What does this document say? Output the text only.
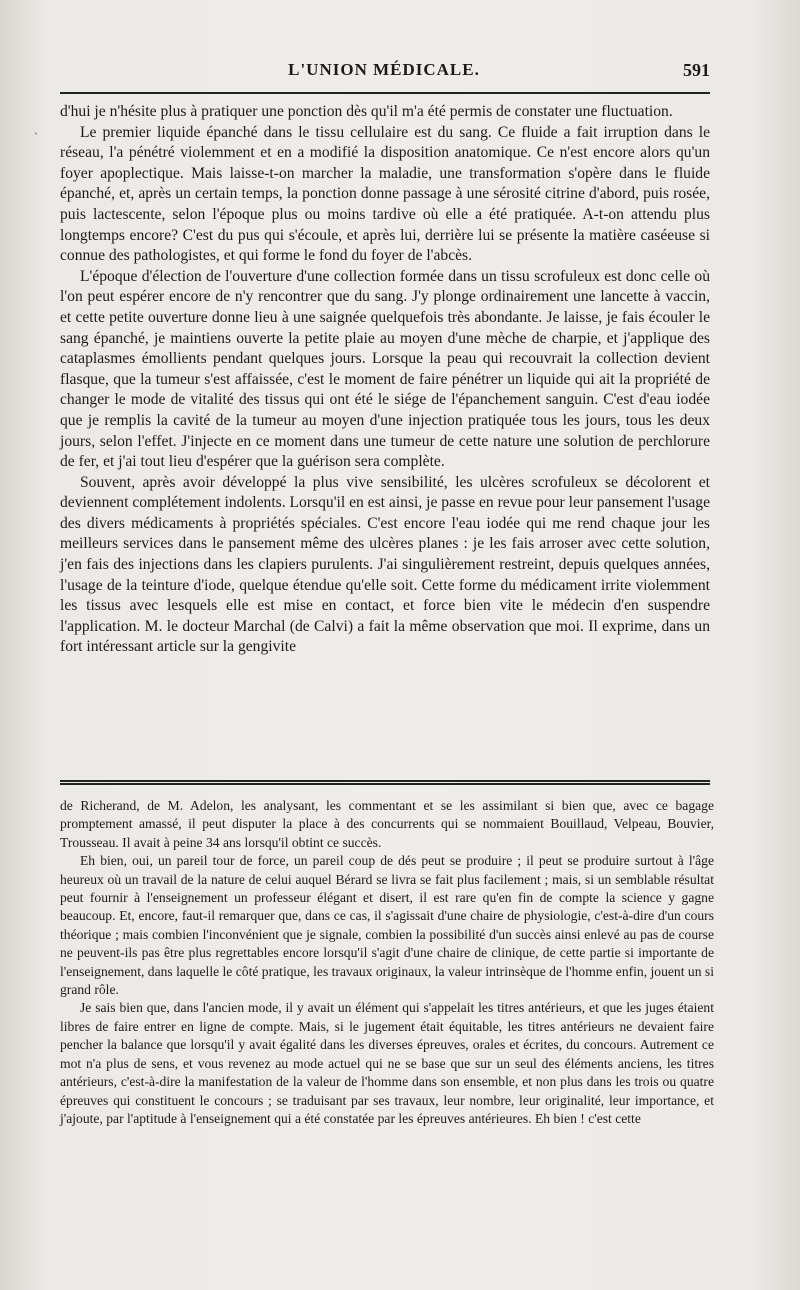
L'UNION MÉDICALE.	591
`

d'hui je n'hésite plus à pratiquer une ponction dès qu'il m'a été permis de constater une fluctuation.

Le premier liquide épanché dans le tissu cellulaire est du sang. Ce fluide a fait irruption dans le réseau, l'a pénétré violemment et en a modifié la disposition anatomique. Ce n'est encore alors qu'un foyer apoplectique. Mais laisse-t-on marcher la maladie, une transformation s'opère dans le fluide épanché, et, après un certain temps, la ponction donne passage à une sérosité citrine d'abord, puis rosée, puis lactescente, selon l'époque plus ou moins tardive où elle a été pratiquée. A-t-on attendu plus longtemps encore? C'est du pus qui s'écoule, et après lui, derrière lui se présente la matière caséeuse si connue des pathologistes, et qui forme le fond du foyer de l'abcès.

L'époque d'élection de l'ouverture d'une collection formée dans un tissu scrofuleux est donc celle où l'on peut espérer encore de n'y rencontrer que du sang. J'y plonge ordinairement une lancette à vaccin, et cette petite ouverture donne lieu à une saignée quelquefois très abondante. Je laisse, je fais écouler le sang épanché, je maintiens ouverte la petite plaie au moyen d'une mèche de charpie, et j'applique des cataplasmes émollients pendant quelques jours. Lorsque la peau qui recouvrait la collection devient flasque, que la tumeur s'est affaissée, c'est le moment de faire pénétrer un liquide qui ait la propriété de changer le mode de vitalité des tissus qui ont été le siége de l'épanchement sanguin. C'est d'eau iodée que je remplis la cavité de la tumeur au moyen d'une injection pratiquée tous les jours, tous les deux jours, selon l'effet. J'injecte en ce moment dans une tumeur de cette nature une solution de perchlorure de fer, et j'ai tout lieu d'espérer que la guérison sera complète.

Souvent, après avoir développé la plus vive sensibilité, les ulcères scrofuleux se décolorent et deviennent complétement indolents. Lorsqu'il en est ainsi, je passe en revue pour leur pansement l'usage des divers médicaments à propriétés spéciales. C'est encore l'eau iodée qui me rend chaque jour les meilleurs services dans le pansement même des ulcères planes : je les fais arroser avec cette solution, j'en fais des injections dans les clapiers purulents. J'ai singulièrement restreint, depuis quelques années, l'usage de la teinture d'iode, quelque étendue qu'elle soit. Cette forme du médicament irrite violemment les tissus avec lesquels elle est mise en contact, et force bien vite le médecin d'en suspendre l'application. M. le docteur Marchal (de Calvi) a fait la même observation que moi. Il exprime, dans un fort intéressant article sur la gengivite

de Richerand, de M. Adelon, les analysant, les commentant et se les assimilant si bien que, avec ce bagage promptement amassé, il peut disputer la place à des concurrents qui se nommaient Bouillaud, Velpeau, Bouvier, Trousseau. Il avait à peine 34 ans lorsqu'il obtint ce succès.

Eh bien, oui, un pareil tour de force, un pareil coup de dés peut se produire ; il peut se produire surtout à l'âge heureux où un travail de la nature de celui auquel Bérard se livra se fait plus facilement ; mais, si un semblable résultat peut fournir à l'enseignement un professeur élégant et disert, il est rare qu'en fin de compte la science y gagne beaucoup. Et, encore, faut-il remarquer que, dans ce cas, il s'agissait d'une chaire de physiologie, c'est-à-dire d'un cours théorique ; mais combien l'inconvénient que je signale, combien la possibilité d'un succès ainsi enlevé au pas de course ne peuvent-ils pas être plus regrettables encore lorsqu'il s'agit d'une chaire de clinique, de cette partie si importante de l'enseignement, dans laquelle le côté pratique, les travaux originaux, la valeur intrinsèque de l'homme enfin, jouent un si grand rôle.

Je sais bien que, dans l'ancien mode, il y avait un élément qui s'appelait les titres antérieurs, et que les juges étaient libres de faire entrer en ligne de compte. Mais, si le jugement était équitable, les titres antérieurs ne devaient faire pencher la balance que lorsqu'il y avait égalité dans les diverses épreuves, orales et écrites, du concours. Autrement ce mot n'a plus de sens, et vous revenez au mode actuel qui ne se base que sur un seul des éléments anciens, les titres antérieurs, c'est-à-dire la manifestation de la valeur de l'homme dans son ensemble, et non plus dans les trois ou quatre épreuves qui constituent le concours ; se traduisant par ses travaux, leur nombre, leur originalité, leur importance, et j'ajoute, par l'aptitude à l'enseignement qui a été constatée par les épreuves antérieures. Eh bien ! c'est cette
